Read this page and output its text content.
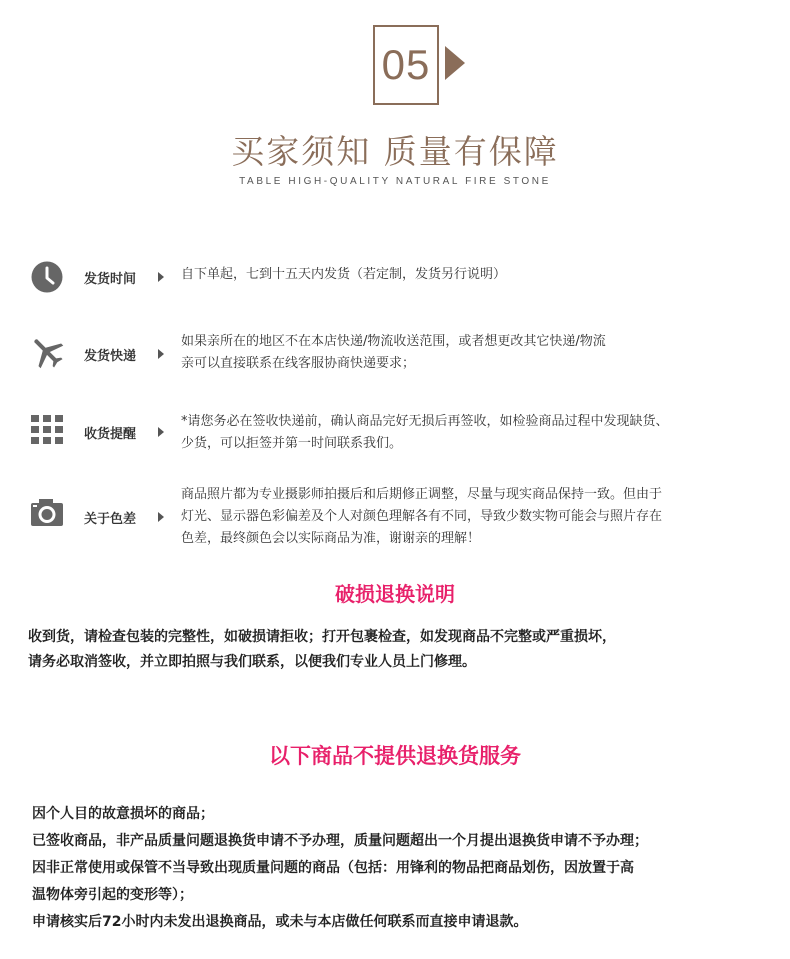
05
买家须知 质量有保障
TABLE HIGH-QUALITY NATURAL FIRE STONE
发货时间	自下单起，七到十五天内发货（若定制，发货另行说明）
发货快递
如果亲所在的地区不在本店快递/物流收送范围，或者想更改其它快递/物流
亲可以直接联系在线客服协商快递要求；
收货提醒
*请您务必在签收快递前，确认商品完好无损后再签收，如检验商品过程中发现缺货、
少货，可以拒签并第一时间联系我们。
关于色差
商品照片都为专业摄影师拍摄后和后期修正调整，尽量与现实商品保持一致。但由于
灯光、显示器色彩偏差及个人对颜色理解各有不同，导致少数实物可能会与照片存在
色差，最终颜色会以实际商品为准，谢谢亲的理解！
破损退换说明
收到货，请检查包装的完整性，如破损请拒收；打开包裹检查，如发现商品不完整或严重损坏，
请务必取消签收，并立即拍照与我们联系，以便我们专业人员上门修理。
以下商品不提供退换货服务
因个人目的故意损坏的商品；
已签收商品，非产品质量问题退换货申请不予办理，质量问题超出一个月提出退换货申请不予办理；
因非正常使用或保管不当导致出现质量问题的商品（包括：用锋利的物品把商品划伤，因放置于高
温物体旁引起的变形等）；
申请核实后72小时内未发出退换商品，或未与本店做任何联系而直接申请退款。
